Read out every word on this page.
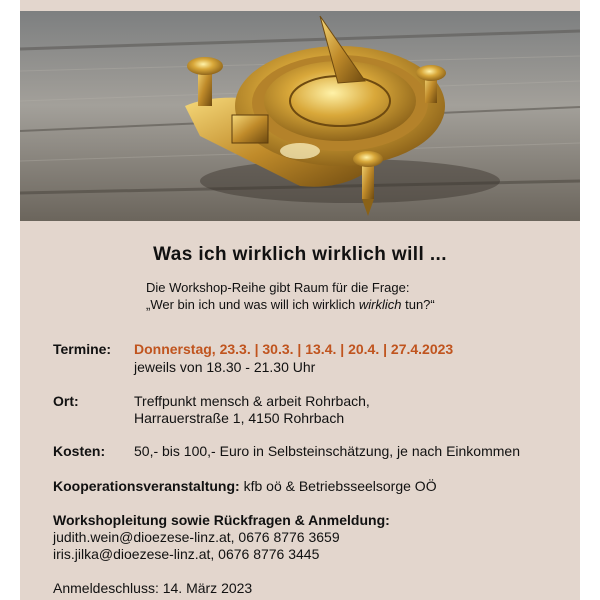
Was ich wirklich wirklich will ...
Die Workshop-Reihe gibt Raum für die Frage:
„Wer bin ich und was will ich wirklich wirklich tun?“
Termine: Donnerstag, 23.3. | 30.3. | 13.4. | 20.4. | 27.4.2023
jeweils von 18.30 - 21.30 Uhr
Ort:	Treffpunkt mensch & arbeit Rohrbach,
Harrauerstraße 1, 4150 Rohrbach
Kosten: 50,- bis 100,- Euro in Selbsteinschätzung, je nach Einkommen
Kooperationsveranstaltung: kfb oö & Betriebsseelsorge OÖ
Workshopleitung sowie Rückfragen & Anmeldung:
judith.wein@dioezese-linz.at, 0676 8776 3659
iris.jilka@dioezese-linz.at, 0676 8776 3445
Anmeldeschluss: 14. März 2023
